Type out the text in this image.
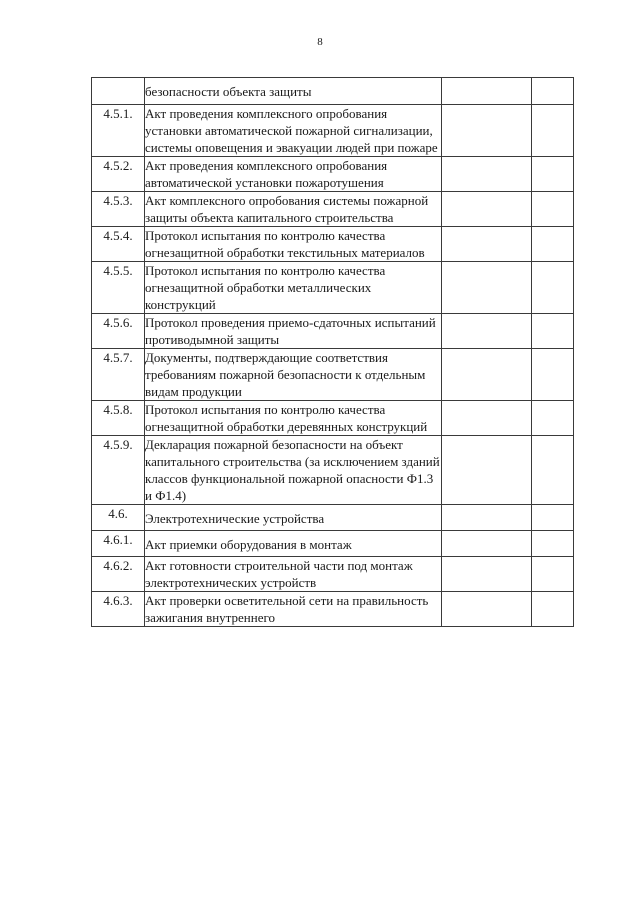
8
	безопасности объекта защиты		
4.5.1.	Акт проведения комплексного опробования установки автоматической пожарной сигнализации, системы оповещения и эвакуации людей при пожаре		
4.5.2.	Акт проведения комплексного опробования автоматической установки пожаротушения		
4.5.3.	Акт комплексного опробования системы пожарной защиты объекта капитального строительства		
4.5.4.	Протокол испытания по контролю качества огнезащитной обработки текстильных материалов		
4.5.5.	Протокол испытания по контролю качества огнезащитной обработки металлических конструкций		
4.5.6.	Протокол проведения приемо-сдаточных испытаний противодымной защиты		
4.5.7.	Документы, подтверждающие соответствия требованиям пожарной безопасности к отдельным видам продукции		
4.5.8.	Протокол испытания по контролю качества огнезащитной обработки деревянных конструкций		
4.5.9.	Декларация пожарной безопасности на объект капитального строительства (за исключением зданий классов функциональной пожарной опасности Ф1.3 и Ф1.4)		
4.6.	Электротехнические устройства		
4.6.1.	Акт приемки оборудования в монтаж		
4.6.2.	Акт готовности строительной части под монтаж электротехнических устройств		
4.6.3.	Акт проверки осветительной сети на правильность зажигания внутреннего		
